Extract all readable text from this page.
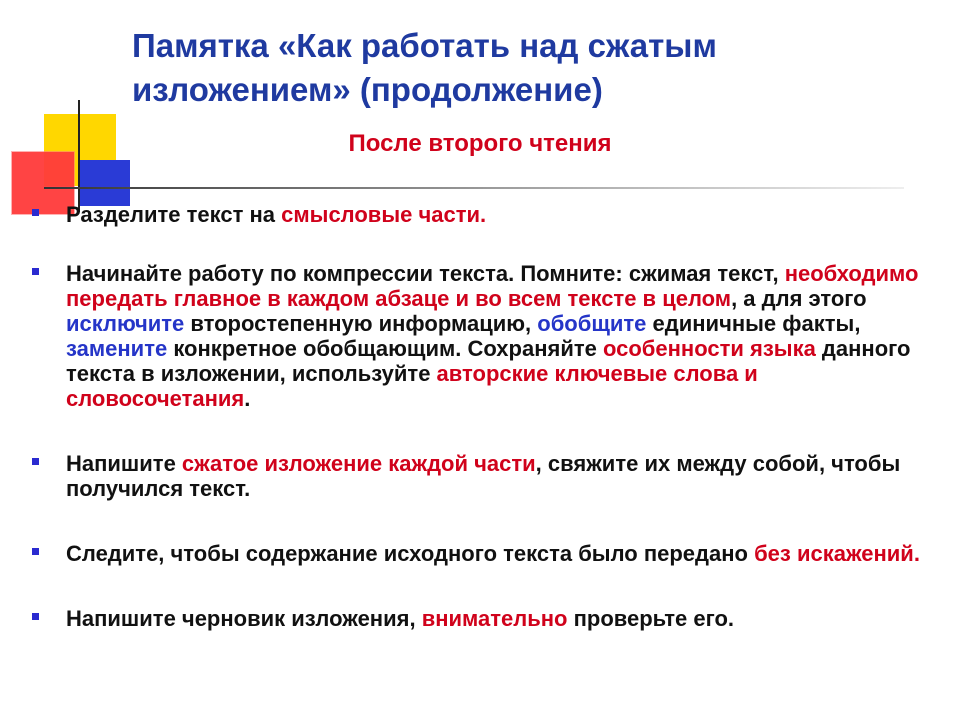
Памятка «Как работать над сжатым изложением» (продолжение)
После второго чтения
Разделите текст на смысловые части.
Начинайте работу по компрессии текста. Помните: сжимая текст, необходимо передать главное в каждом абзаце и во всем тексте в целом, а для этого исключите второстепенную информацию, обобщите единичные факты, замените конкретное обобщающим. Сохраняйте особенности языка данного текста в изложении, используйте авторские ключевые слова и словосочетания.
Напишите сжатое изложение каждой части, свяжите их между собой, чтобы получился текст.
Следите, чтобы содержание исходного текста было передано без искажений.
Напишите черновик изложения, внимательно проверьте его.
